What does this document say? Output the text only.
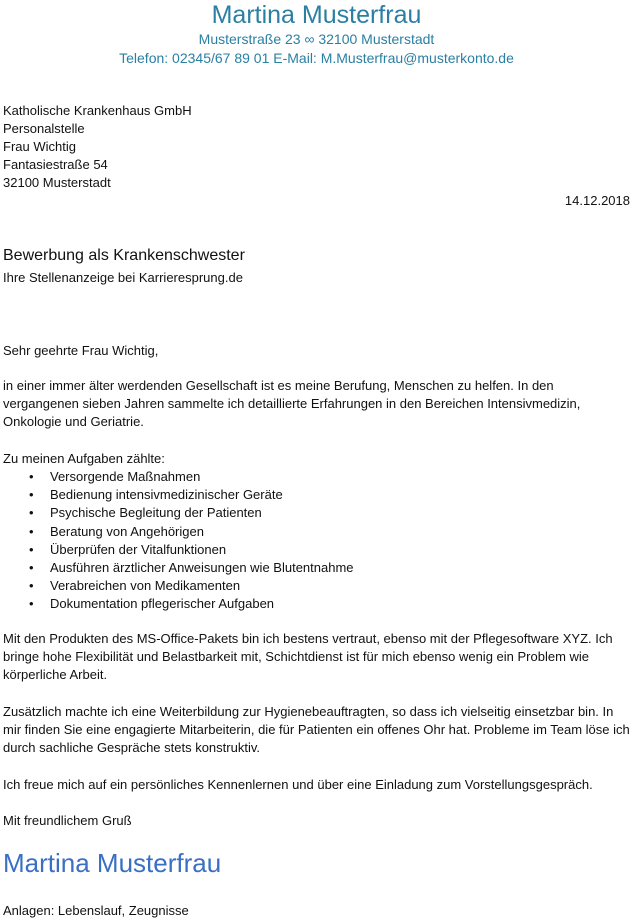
Martina Musterfrau
Musterstraße 23 ∞ 32100 Musterstadt
Telefon: 02345/67 89 01 E-Mail: M.Musterfrau@musterkonto.de
Katholische Krankenhaus GmbH
Personalstelle
Frau Wichtig
Fantasiestraße 54
32100 Musterstadt
14.12.2018
Bewerbung als Krankenschwester
Ihre Stellenanzeige bei Karrieresprung.de
Sehr geehrte Frau Wichtig,
in einer immer älter werdenden Gesellschaft ist es meine Berufung, Menschen zu helfen. In den vergangenen sieben Jahren sammelte ich detaillierte Erfahrungen in den Bereichen Intensivmedizin, Onkologie und Geriatrie.
Zu meinen Aufgaben zählte:
• Versorgende Maßnahmen
• Bedienung intensivmedizinischer Geräte
• Psychische Begleitung der Patienten
• Beratung von Angehörigen
• Überprüfen der Vitalfunktionen
• Ausführen ärztlicher Anweisungen wie Blutentnahme
• Verabreichen von Medikamenten
• Dokumentation pflegerischer Aufgaben
Mit den Produkten des MS-Office-Pakets bin ich bestens vertraut, ebenso mit der Pflegesoftware XYZ. Ich bringe hohe Flexibilität und Belastbarkeit mit, Schichtdienst ist für mich ebenso wenig ein Problem wie körperliche Arbeit.
Zusätzlich machte ich eine Weiterbildung zur Hygienebeauftragten, so dass ich vielseitig einsetzbar bin. In mir finden Sie eine engagierte Mitarbeiterin, die für Patienten ein offenes Ohr hat. Probleme im Team löse ich durch sachliche Gespräche stets konstruktiv.
Ich freue mich auf ein persönliches Kennenlernen und über eine Einladung zum Vorstellungsgespräch.
Mit freundlichem Gruß
Martina Musterfrau
Anlagen: Lebenslauf, Zeugnisse
